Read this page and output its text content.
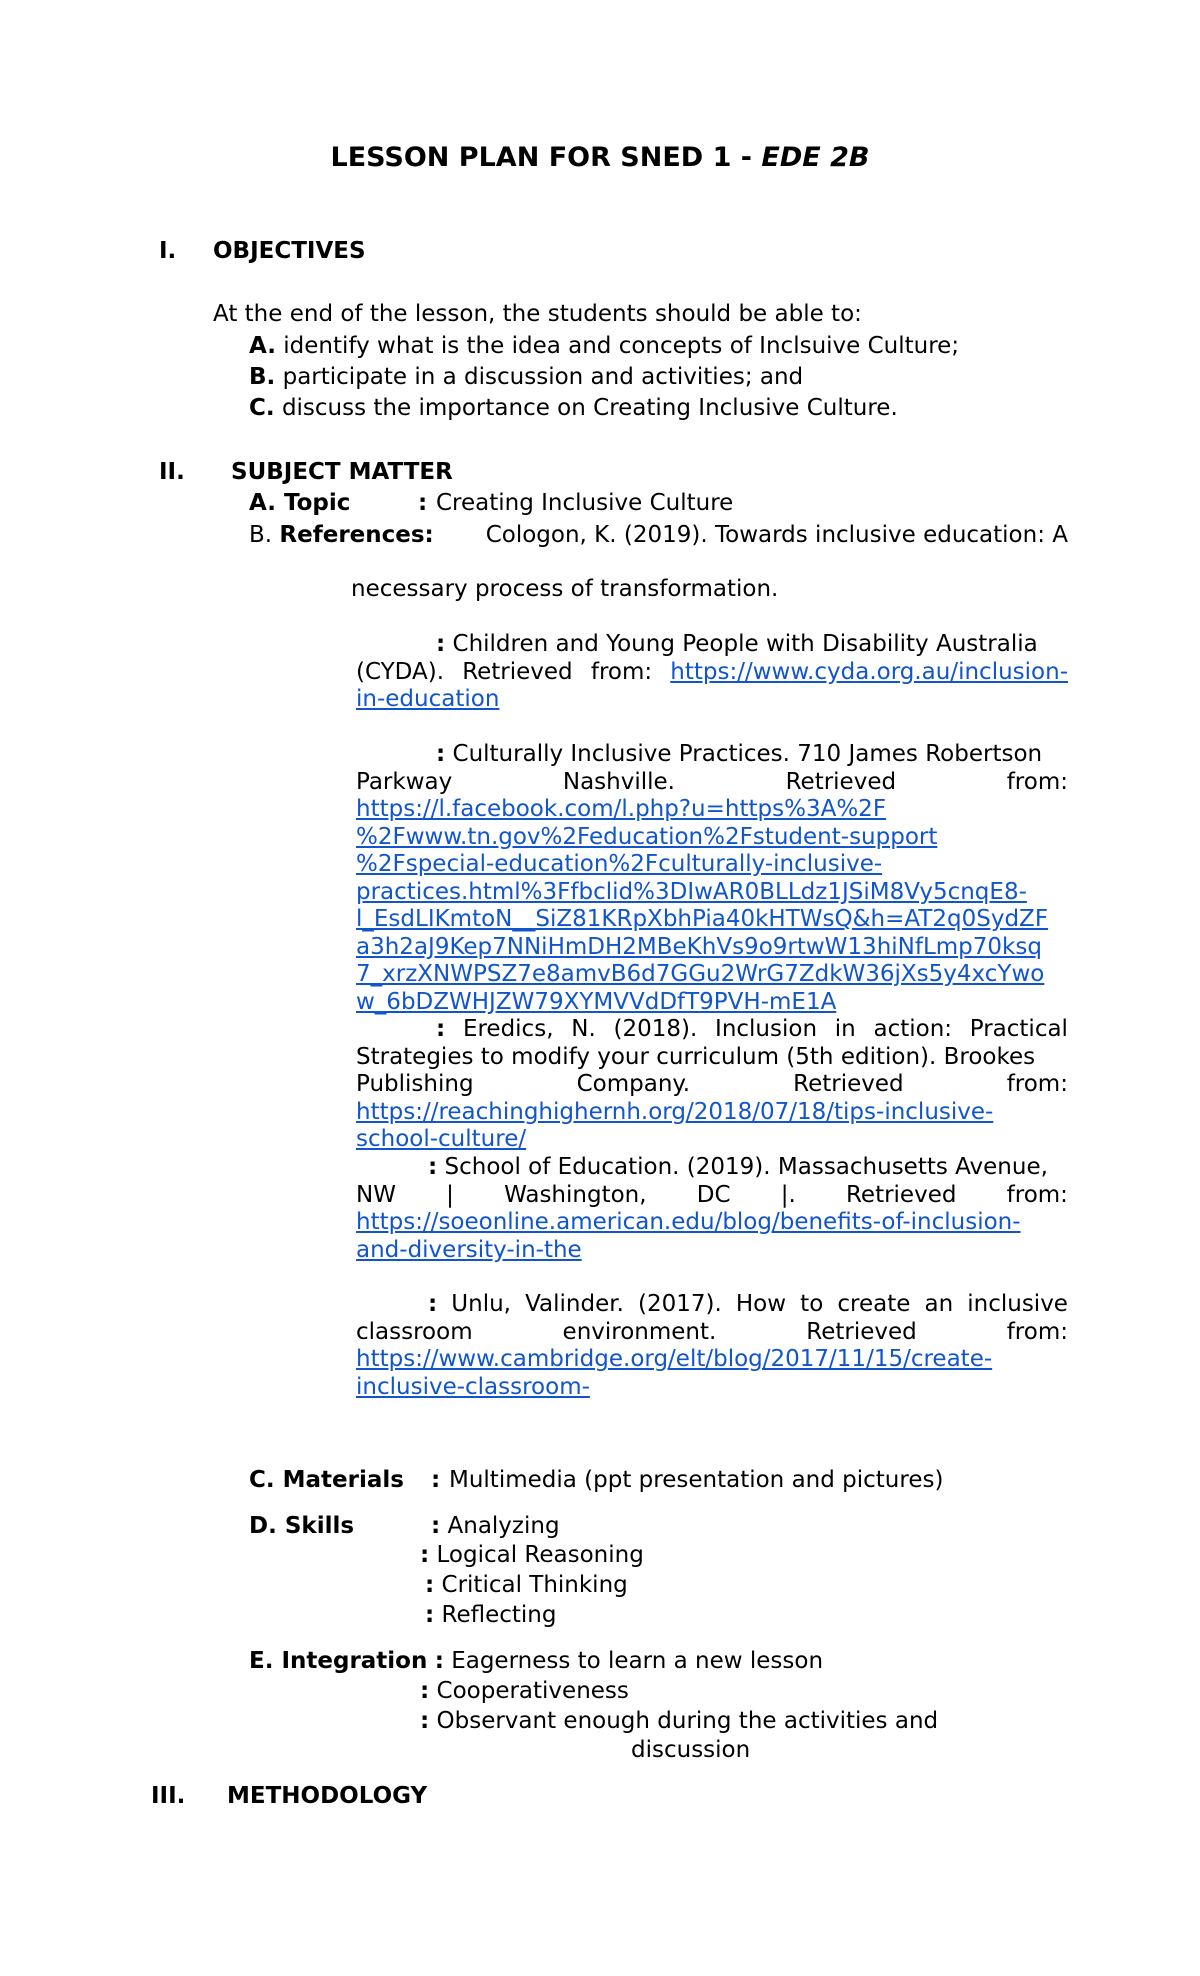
LESSON PLAN FOR SNED 1 - EDE 2B
I. OBJECTIVES
At the end of the lesson, the students should be able to:
A. identify what is the idea and concepts of Inclsuive Culture;
B. participate in a discussion and activities; and
C. discuss the importance on Creating Inclusive Culture.
II. SUBJECT MATTER
A. Topic	: Creating Inclusive Culture
B. References:	Cologon, K. (2019). Towards inclusive education: A
necessary process of transformation.
: Children and Young People with Disability Australia
(CYDA). Retrieved from: https://www.cyda.org.au/inclusion-
in-education
: Culturally Inclusive Practices. 710 James Robertson
Parkway	Nashville.	Retrieved	from:
https://l.facebook.com/l.php?u=https%3A%2F
%2Fwww.tn.gov%2Feducation%2Fstudent-support
%2Fspecial-education%2Fculturally-inclusive-
practices.html%3Ffbclid%3DIwAR0BLLdz1JSiM8Vy5cnqE8-
l_EsdLIKmtoN__SiZ81KRpXbhPia40kHTWsQ&h=AT2q0SydZF
a3h2aJ9Kep7NNiHmDH2MBeKhVs9o9rtwW13hiNfLmp70ksq
7_xrzXNWPSZ7e8amvB6d7GGu2WrG7ZdkW36jXs5y4xcYwo
w_6bDZWHJZW79XYMVVdDfT9PVH-mE1A
: Eredics, N. (2018). Inclusion in action: Practical
Strategies to modify your curriculum (5th edition). Brookes
Publishing	Company.	Retrieved	from:
https://reachinghighernh.org/2018/07/18/tips-inclusive-
school-culture/
: School of Education. (2019). Massachusetts Avenue,
NW | Washington, DC |. Retrieved from:
https://soeonline.american.edu/blog/benefits-of-inclusion-
and-diversity-in-the
: Unlu, Valinder. (2017). How to create an inclusive
classroom	environment.	Retrieved	from:
https://www.cambridge.org/elt/blog/2017/11/15/create-
inclusive-classroom-
C. Materials : Multimedia (ppt presentation and pictures)
D. Skills	: Analyzing
: Logical Reasoning
: Critical Thinking
: Reflecting
E. Integration : Eagerness to learn a new lesson
: Cooperativeness
: Observant enough during the activities and
discussion
III. METHODOLOGY
